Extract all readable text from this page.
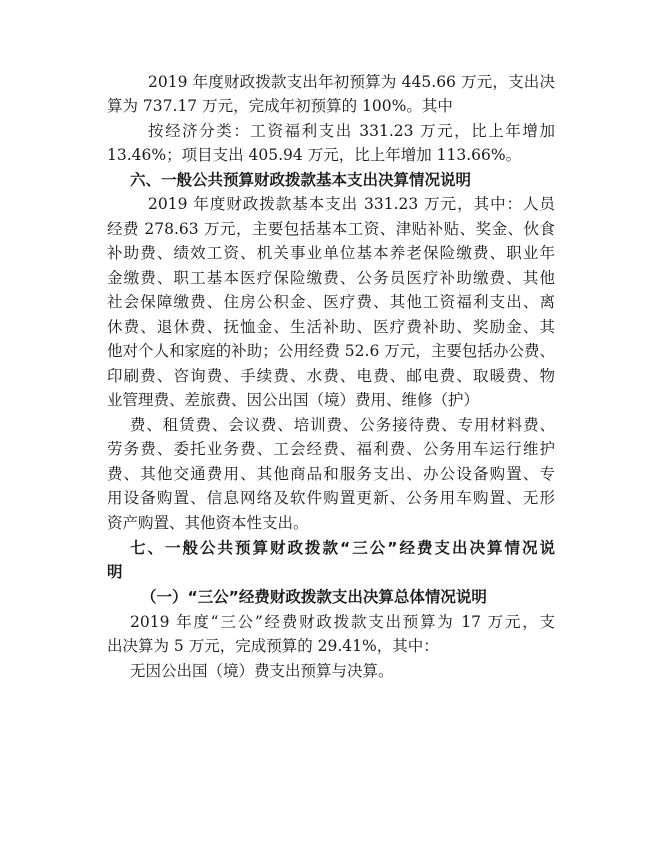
2019 年度财政拨款支出年初预算为 445.66 万元，支出决
算为 737.17 万元，完成年初预算的 100%。其中
按经济分类：工资福利支出 331.23 万元，比上年增加
13.46%；项目支出 405.94 万元，比上年增加 113.66%。
六、一般公共预算财政拨款基本支出决算情况说明
2019 年度财政拨款基本支出 331.23 万元，其中：人员
经费 278.63 万元，主要包括基本工资、津贴补贴、奖金、伙食
补助费、绩效工资、机关事业单位基本养老保险缴费、职业年
金缴费、职工基本医疗保险缴费、公务员医疗补助缴费、其他
社会保障缴费、住房公积金、医疗费、其他工资福利支出、离
休费、退休费、抚恤金、生活补助、医疗费补助、奖励金、其
他对个人和家庭的补助；公用经费 52.6 万元，主要包括办公费、
印刷费、咨询费、手续费、水费、电费、邮电费、取暖费、物
业管理费、差旅费、因公出国（境）费用、维修（护）
费、租赁费、会议费、培训费、公务接待费、专用材料费、
劳务费、委托业务费、工会经费、福利费、公务用车运行维护
费、其他交通费用、其他商品和服务支出、办公设备购置、专
用设备购置、信息网络及软件购置更新、公务用车购置、无形
资产购置、其他资本性支出。
七、一般公共预算财政拨款“三公”经费支出决算情况说
明
（一）“三公”经费财政拨款支出决算总体情况说明
2019 年度“三公”经费财政拨款支出预算为 17 万元，支
出决算为 5 万元，完成预算的 29.41%，其中：
无因公出国（境）费支出预算与决算。
